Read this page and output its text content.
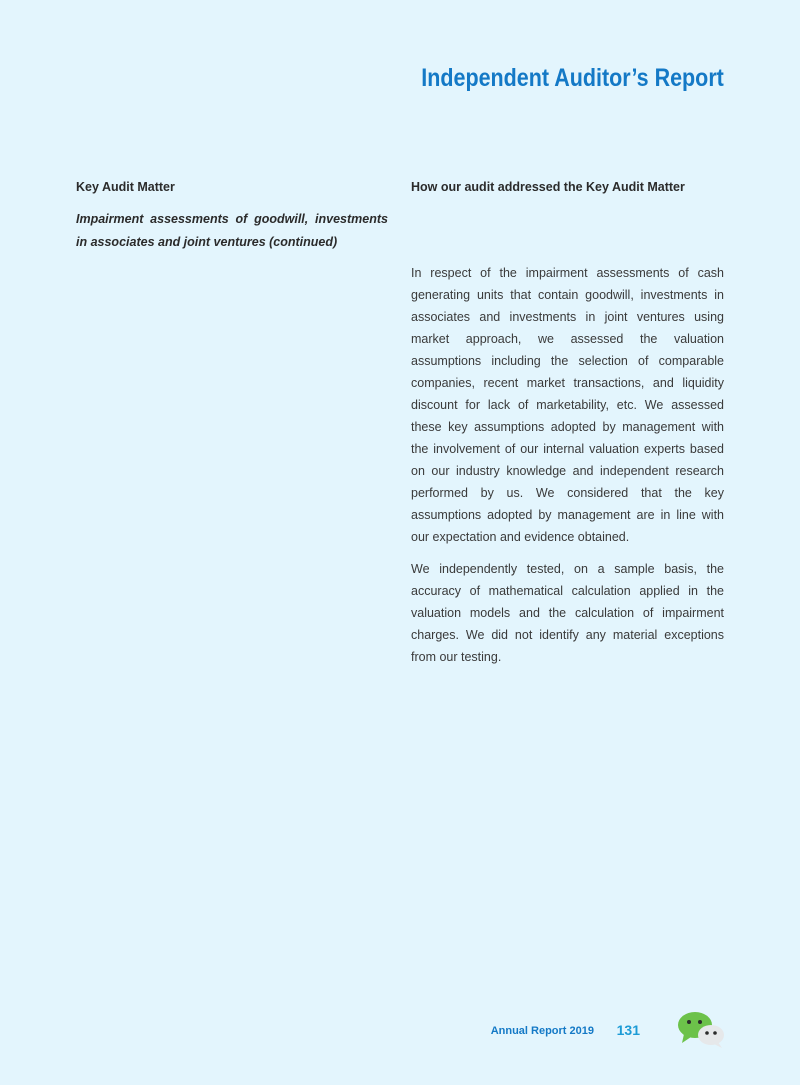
Independent Auditor’s Report
Key Audit Matter	How our audit addressed the Key Audit Matter
Impairment assessments of goodwill, investments in associates and joint ventures (continued)

In respect of the impairment assessments of cash generating units that contain goodwill, investments in associates and investments in joint ventures using market approach, we assessed the valuation assumptions including the selection of comparable companies, recent market transactions, and liquidity discount for lack of marketability, etc. We assessed these key assumptions adopted by management with the involvement of our internal valuation experts based on our industry knowledge and independent research performed by us. We considered that the key assumptions adopted by management are in line with our expectation and evidence obtained.

We independently tested, on a sample basis, the accuracy of mathematical calculation applied in the valuation models and the calculation of impairment charges. We did not identify any material exceptions from our testing.

Annual Report 2019 131
